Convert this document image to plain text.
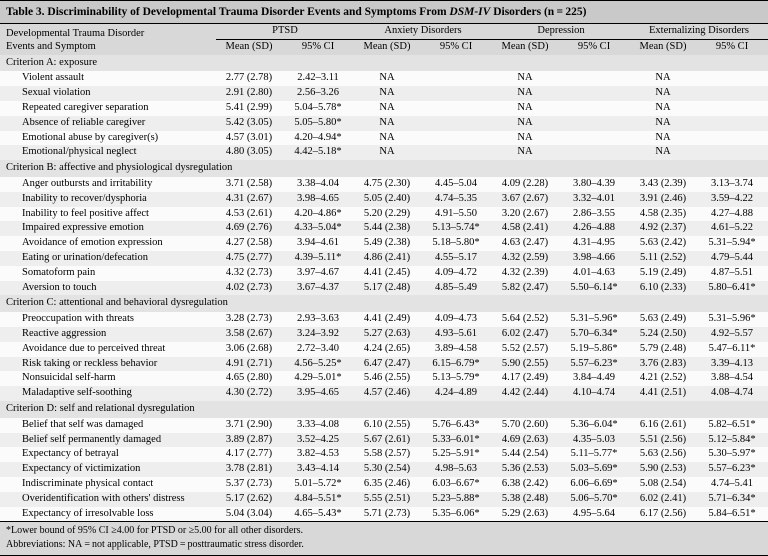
Table 3. Discriminability of Developmental Trauma Disorder Events and Symptoms From DSM-IV Disorders (n = 225)								

Developmental Trauma Disorder
Events and Symptom	PTSD		Anxiety Disorders		Depression		Externalizing Disorders	
	Mean (SD)	95% CI	Mean (SD)	95% CI	Mean (SD)	95% CI	Mean (SD)	95% CI
Criterion A: exposure								
Violent assault	2.77 (2.78)	2.42–3.11	NA		NA		NA	
Sexual violation	2.91 (2.80)	2.56–3.26	NA		NA		NA	
Repeated caregiver separation	5.41 (2.99)	5.04–5.78*	NA		NA		NA	
Absence of reliable caregiver	5.42 (3.05)	5.05–5.80*	NA		NA		NA	
Emotional abuse by caregiver(s)	4.57 (3.01)	4.20–4.94*	NA		NA		NA	
Emotional/physical neglect	4.80 (3.05)	4.42–5.18*	NA		NA		NA	
Criterion B: affective and physiological dysregulation								
Anger outbursts and irritability	3.71 (2.58)	3.38–4.04	4.75 (2.30)	4.45–5.04	4.09 (2.28)	3.80–4.39	3.43 (2.39)	3.13–3.74
Inability to recover/dysphoria	4.31 (2.67)	3.98–4.65	5.05 (2.40)	4.74–5.35	3.67 (2.67)	3.32–4.01	3.91 (2.46)	3.59–4.22
Inability to feel positive affect	4.53 (2.61)	4.20–4.86*	5.20 (2.29)	4.91–5.50	3.20 (2.67)	2.86–3.55	4.58 (2.35)	4.27–4.88
Impaired expressive emotion	4.69 (2.76)	4.33–5.04*	5.44 (2.38)	5.13–5.74*	4.58 (2.41)	4.26–4.88	4.92 (2.37)	4.61–5.22
Avoidance of emotion expression	4.27 (2.58)	3.94–4.61	5.49 (2.38)	5.18–5.80*	4.63 (2.47)	4.31–4.95	5.63 (2.42)	5.31–5.94*
Eating or urination/defecation	4.75 (2.77)	4.39–5.11*	4.86 (2.41)	4.55–5.17	4.32 (2.59)	3.98–4.66	5.11 (2.52)	4.79–5.44
Somatoform pain	4.32 (2.73)	3.97–4.67	4.41 (2.45)	4.09–4.72	4.32 (2.39)	4.01–4.63	5.19 (2.49)	4.87–5.51
Aversion to touch	4.02 (2.73)	3.67–4.37	5.17 (2.48)	4.85–5.49	5.82 (2.47)	5.50–6.14*	6.10 (2.33)	5.80–6.41*
Criterion C: attentional and behavioral dysregulation								
Preoccupation with threats	3.28 (2.73)	2.93–3.63	4.41 (2.49)	4.09–4.73	5.64 (2.52)	5.31–5.96*	5.63 (2.49)	5.31–5.96*
Reactive aggression	3.58 (2.67)	3.24–3.92	5.27 (2.63)	4.93–5.61	6.02 (2.47)	5.70–6.34*	5.24 (2.50)	4.92–5.57
Avoidance due to perceived threat	3.06 (2.68)	2.72–3.40	4.24 (2.65)	3.89–4.58	5.52 (2.57)	5.19–5.86*	5.79 (2.48)	5.47–6.11*
Risk taking or reckless behavior	4.91 (2.71)	4.56–5.25*	6.47 (2.47)	6.15–6.79*	5.90 (2.55)	5.57–6.23*	3.76 (2.83)	3.39–4.13
Nonsuicidal self-harm	4.65 (2.80)	4.29–5.01*	5.46 (2.55)	5.13–5.79*	4.17 (2.49)	3.84–4.49	4.21 (2.52)	3.88–4.54
Maladaptive self-soothing	4.30 (2.72)	3.95–4.65	4.57 (2.46)	4.24–4.89	4.42 (2.44)	4.10–4.74	4.41 (2.51)	4.08–4.74
Criterion D: self and relational dysregulation								
Belief that self was damaged	3.71 (2.90)	3.33–4.08	6.10 (2.55)	5.76–6.43*	5.70 (2.60)	5.36–6.04*	6.16 (2.61)	5.82–6.51*
Belief self permanently damaged	3.89 (2.87)	3.52–4.25	5.67 (2.61)	5.33–6.01*	4.69 (2.63)	4.35–5.03	5.51 (2.56)	5.12–5.84*
Expectancy of betrayal	4.17 (2.77)	3.82–4.53	5.58 (2.57)	5.25–5.91*	5.44 (2.54)	5.11–5.77*	5.63 (2.56)	5.30–5.97*
Expectancy of victimization	3.78 (2.81)	3.43–4.14	5.30 (2.54)	4.98–5.63	5.36 (2.53)	5.03–5.69*	5.90 (2.53)	5.57–6.23*
Indiscriminate physical contact	5.37 (2.73)	5.01–5.72*	6.35 (2.46)	6.03–6.67*	6.38 (2.42)	6.06–6.69*	5.08 (2.54)	4.74–5.41
Overidentification with others' distress	5.17 (2.62)	4.84–5.51*	5.55 (2.51)	5.23–5.88*	5.38 (2.48)	5.06–5.70*	6.02 (2.41)	5.71–6.34*
Expectancy of irresolvable loss	5.04 (3.04)	4.65–5.43*	5.71 (2.73)	5.35–6.06*	5.29 (2.63)	4.95–5.64	6.17 (2.56)	5.84–6.51*
*Lower bound of 95% CI ≥4.00 for PTSD or ≥5.00 for all other disorders.								
Abbreviations: NA = not applicable, PTSD = posttraumatic stress disorder.								
